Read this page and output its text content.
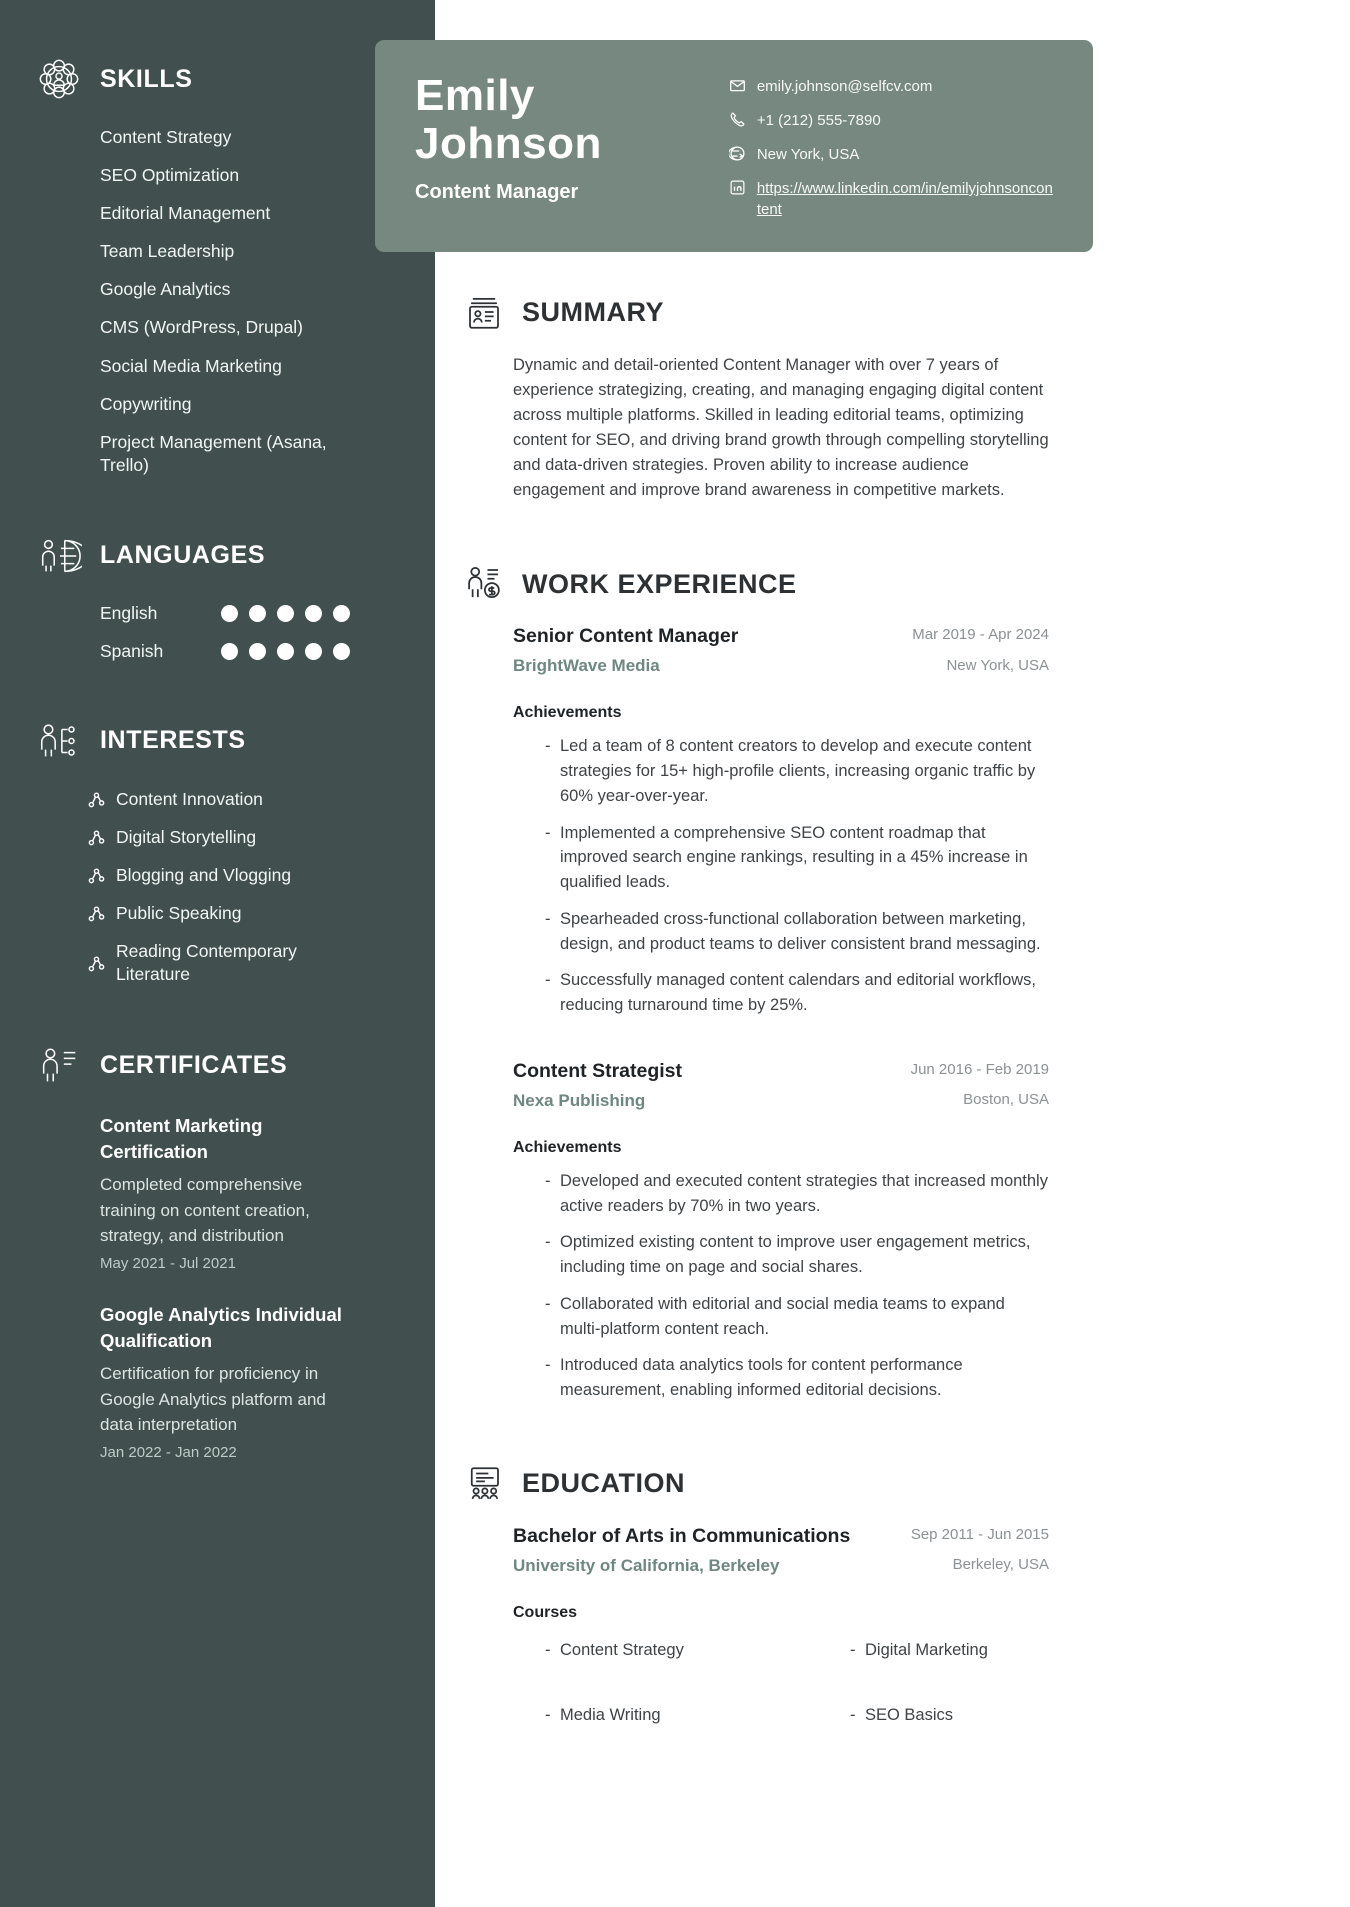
SKILLS
Content Strategy
SEO Optimization
Editorial Management
Team Leadership
Google Analytics
CMS (WordPress, Drupal)
Social Media Marketing
Copywriting
Project Management (Asana, Trello)
LANGUAGES
English
Spanish
INTERESTS
Content Innovation
Digital Storytelling
Blogging and Vlogging
Public Speaking
Reading Contemporary Literature
CERTIFICATES
Content Marketing Certification
Completed comprehensive training on content creation, strategy, and distribution
May 2021 - Jul 2021
Google Analytics Individual Qualification
Certification for proficiency in Google Analytics platform and data interpretation
Jan 2022 - Jan 2022
Emily Johnson
Content Manager
emily.johnson@selfcv.com
+1 (212) 555-7890
New York, USA
https://www.linkedin.com/in/emilyjohnsoncontent
SUMMARY

Dynamic and detail-oriented Content Manager with over 7 years of experience strategizing, creating, and managing engaging digital content across multiple platforms. Skilled in leading editorial teams, optimizing content for SEO, and driving brand growth through compelling storytelling and data-driven strategies. Proven ability to increase audience engagement and improve brand awareness in competitive markets.

WORK EXPERIENCE
Senior Content Manager
BrightWave Media
Mar 2019 - Apr 2024
New York, USA
Achievements
- Led a team of 8 content creators to develop and execute content strategies for 15+ high-profile clients, increasing organic traffic by 60% year-over-year.
- Implemented a comprehensive SEO content roadmap that improved search engine rankings, resulting in a 45% increase in qualified leads.
- Spearheaded cross-functional collaboration between marketing, design, and product teams to deliver consistent brand messaging.
- Successfully managed content calendars and editorial workflows, reducing turnaround time by 25%.
Content Strategist
Nexa Publishing
Jun 2016 - Feb 2019
Boston, USA
Achievements
- Developed and executed content strategies that increased monthly active readers by 70% in two years.
- Optimized existing content to improve user engagement metrics, including time on page and social shares.
- Collaborated with editorial and social media teams to expand multi-platform content reach.
- Introduced data analytics tools for content performance measurement, enabling informed editorial decisions.
EDUCATION
Bachelor of Arts in Communications
University of California, Berkeley
Sep 2011 - Jun 2015
Berkeley, USA
Courses
- Content Strategy	- Digital Marketing
- Media Writing	- SEO Basics
